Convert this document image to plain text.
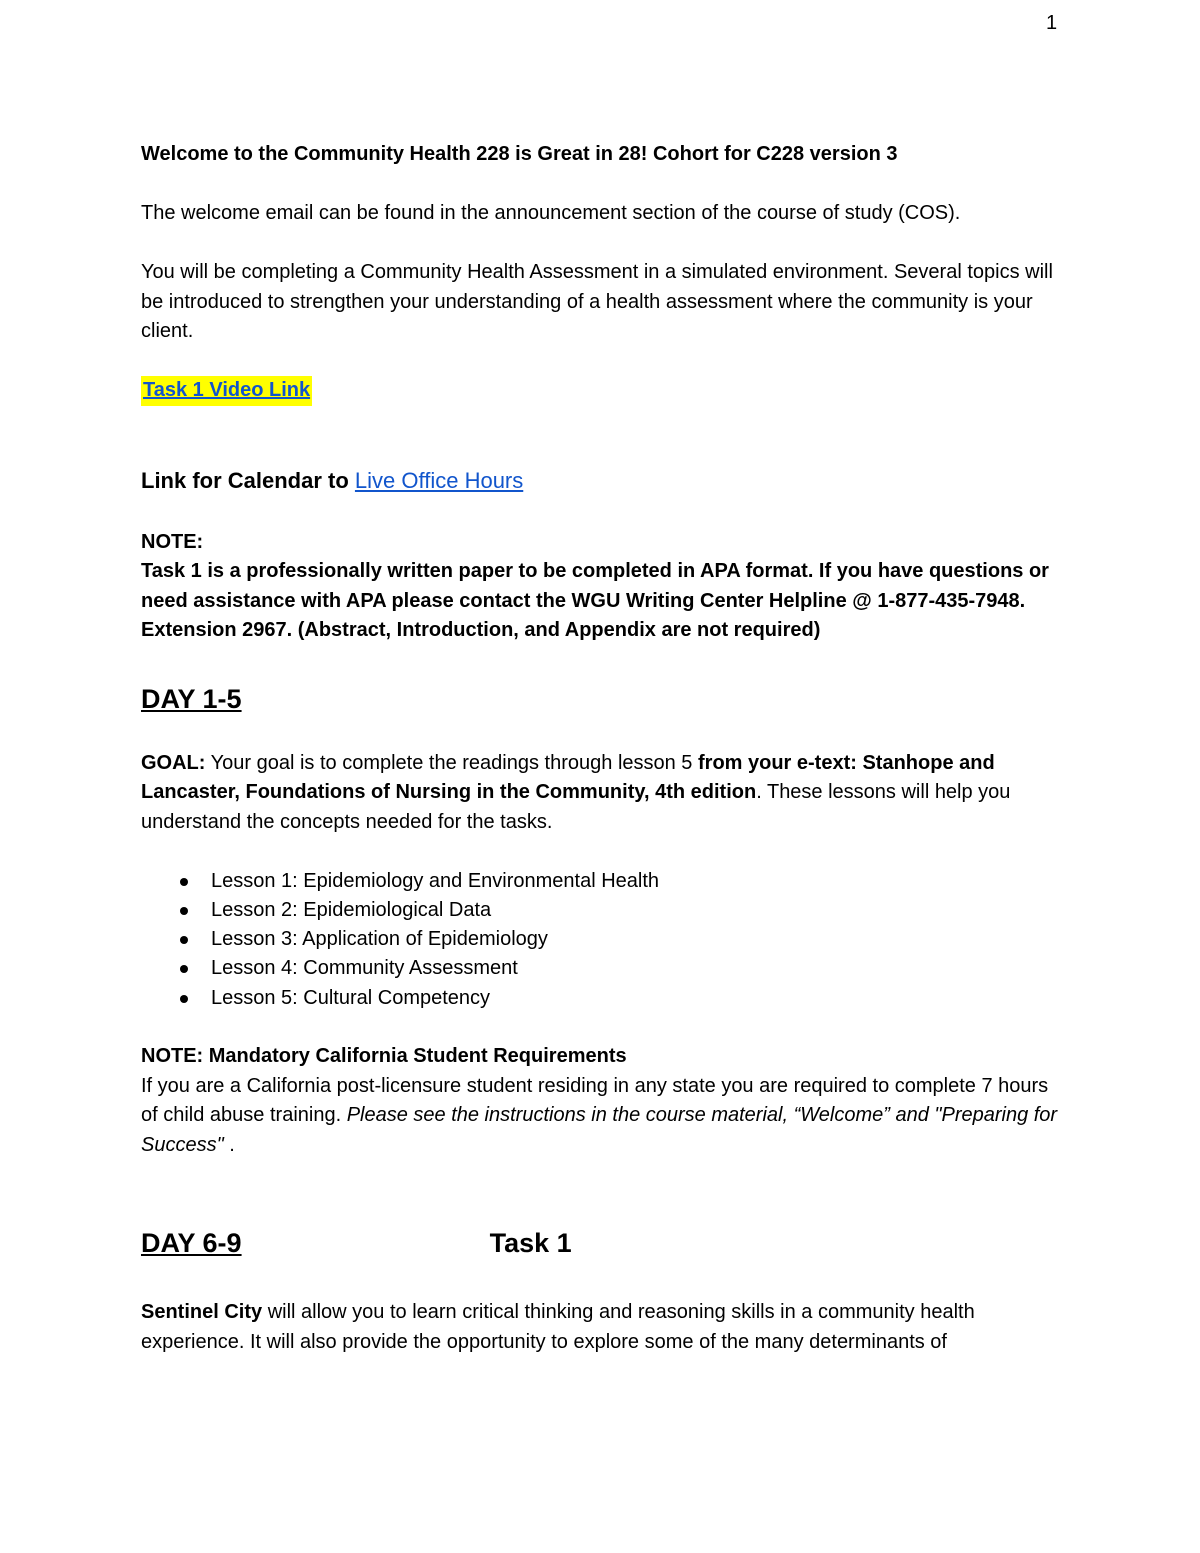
1

Welcome to the Community Health 228 is Great in 28! Cohort for C228 version 3

The welcome email can be found in the announcement section of the course of study (COS).

You will be completing a Community Health Assessment in a simulated environment. Several topics will be introduced to strengthen your understanding of a health assessment where the community is your client.

Task 1 Video Link

Link for Calendar to Live Office Hours

NOTE:

Task 1 is a professionally written paper to be completed in APA format. If you have questions or need assistance with APA please contact the WGU Writing Center Helpline @ 1-877-435-7948. Extension 2967. (Abstract, Introduction, and Appendix are not required)

DAY 1-5

GOAL: Your goal is to complete the readings through lesson 5 from your e-text: Stanhope and Lancaster, Foundations of Nursing in the Community, 4th edition. These lessons will help you understand the concepts needed for the tasks.

Lesson 1: Epidemiology and Environmental Health
Lesson 2: Epidemiological Data
Lesson 3: Application of Epidemiology
Lesson 4: Community Assessment
Lesson 5: Cultural Competency

NOTE: Mandatory California Student Requirements

If you are a California post-licensure student residing in any state you are required to complete 7 hours of child abuse training. Please see the instructions in the course material, “Welcome” and "Preparing for Success" .

DAY 6-9	Task 1

Sentinel City will allow you to learn critical thinking and reasoning skills in a community health experience. It will also provide the opportunity to explore some of the many determinants of
